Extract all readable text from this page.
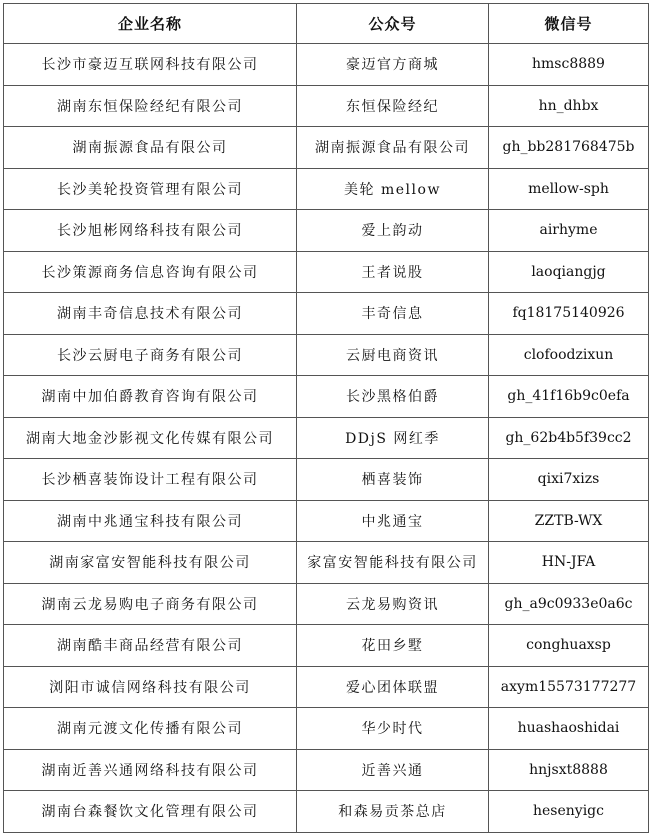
企业名称	公众号	微信号
长沙市豪迈互联网科技有限公司	豪迈官方商城	hmsc8889
湖南东恒保险经纪有限公司	东恒保险经纪	hn_dhbx
湖南振源食品有限公司	湖南振源食品有限公司	gh_bb281768475b
长沙美轮投资管理有限公司	美轮 mellow	mellow-sph
长沙旭彬网络科技有限公司	爱上韵动	airhyme
长沙策源商务信息咨询有限公司	王者说股	laoqiangjg
湖南丰奇信息技术有限公司	丰奇信息	fq18175140926
长沙云厨电子商务有限公司	云厨电商资讯	clofoodzixun
湖南中加伯爵教育咨询有限公司	长沙黑格伯爵	gh_41f16b9c0efa
湖南大地金沙影视文化传媒有限公司	DDjS 网红季	gh_62b4b5f39cc2
长沙栖喜装饰设计工程有限公司	栖喜装饰	qixi7xizs
湖南中兆通宝科技有限公司	中兆通宝	ZZTB-WX
湖南家富安智能科技有限公司	家富安智能科技有限公司	HN-JFA
湖南云龙易购电子商务有限公司	云龙易购资讯	gh_a9c0933e0a6c
湖南酷丰商品经营有限公司	花田乡墅	conghuaxsp
浏阳市诚信网络科技有限公司	爱心团体联盟	axym15573177277
湖南元渡文化传播有限公司	华少时代	huashaoshidai
湖南近善兴通网络科技有限公司	近善兴通	hnjsxt8888
湖南台森餐饮文化管理有限公司	和森易贡茶总店	hesenyigc
